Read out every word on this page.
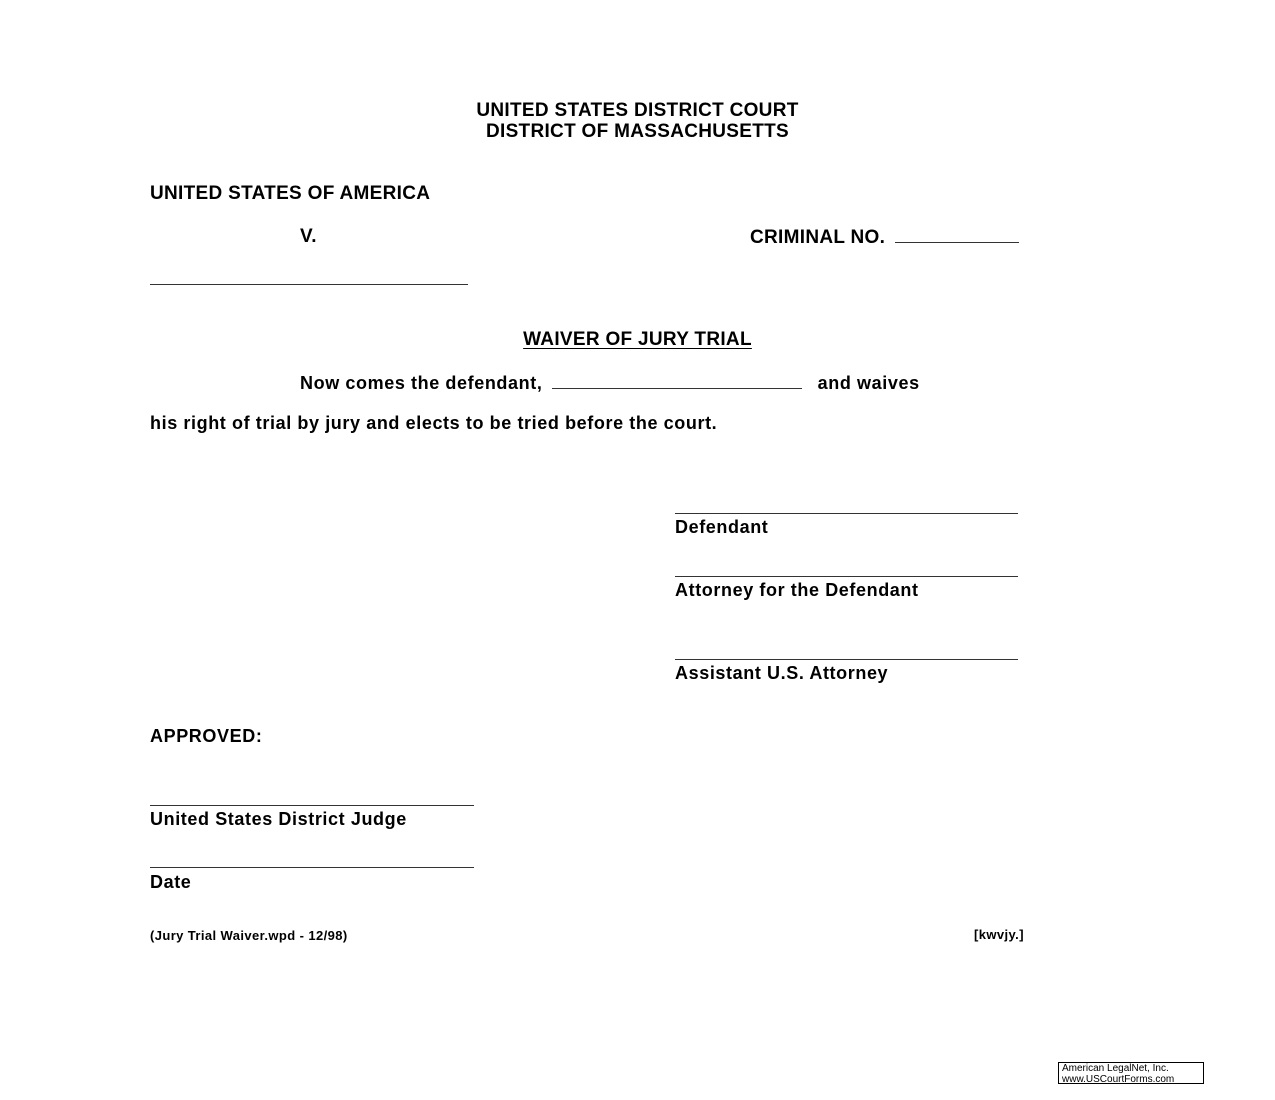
UNITED STATES DISTRICT COURT
DISTRICT OF MASSACHUSETTS
UNITED STATES OF AMERICA
V.	CRIMINAL NO.
WAIVER OF JURY TRIAL
Now comes the defendant,	and waives
his right of trial by jury and elects to be tried before the court.
Defendant
Attorney for the Defendant
Assistant U.S. Attorney
APPROVED:
United States District Judge
Date
(Jury Trial Waiver.wpd - 12/98)	[kwvjy.]
American LegalNet, Inc.
www.USCourtForms.com
